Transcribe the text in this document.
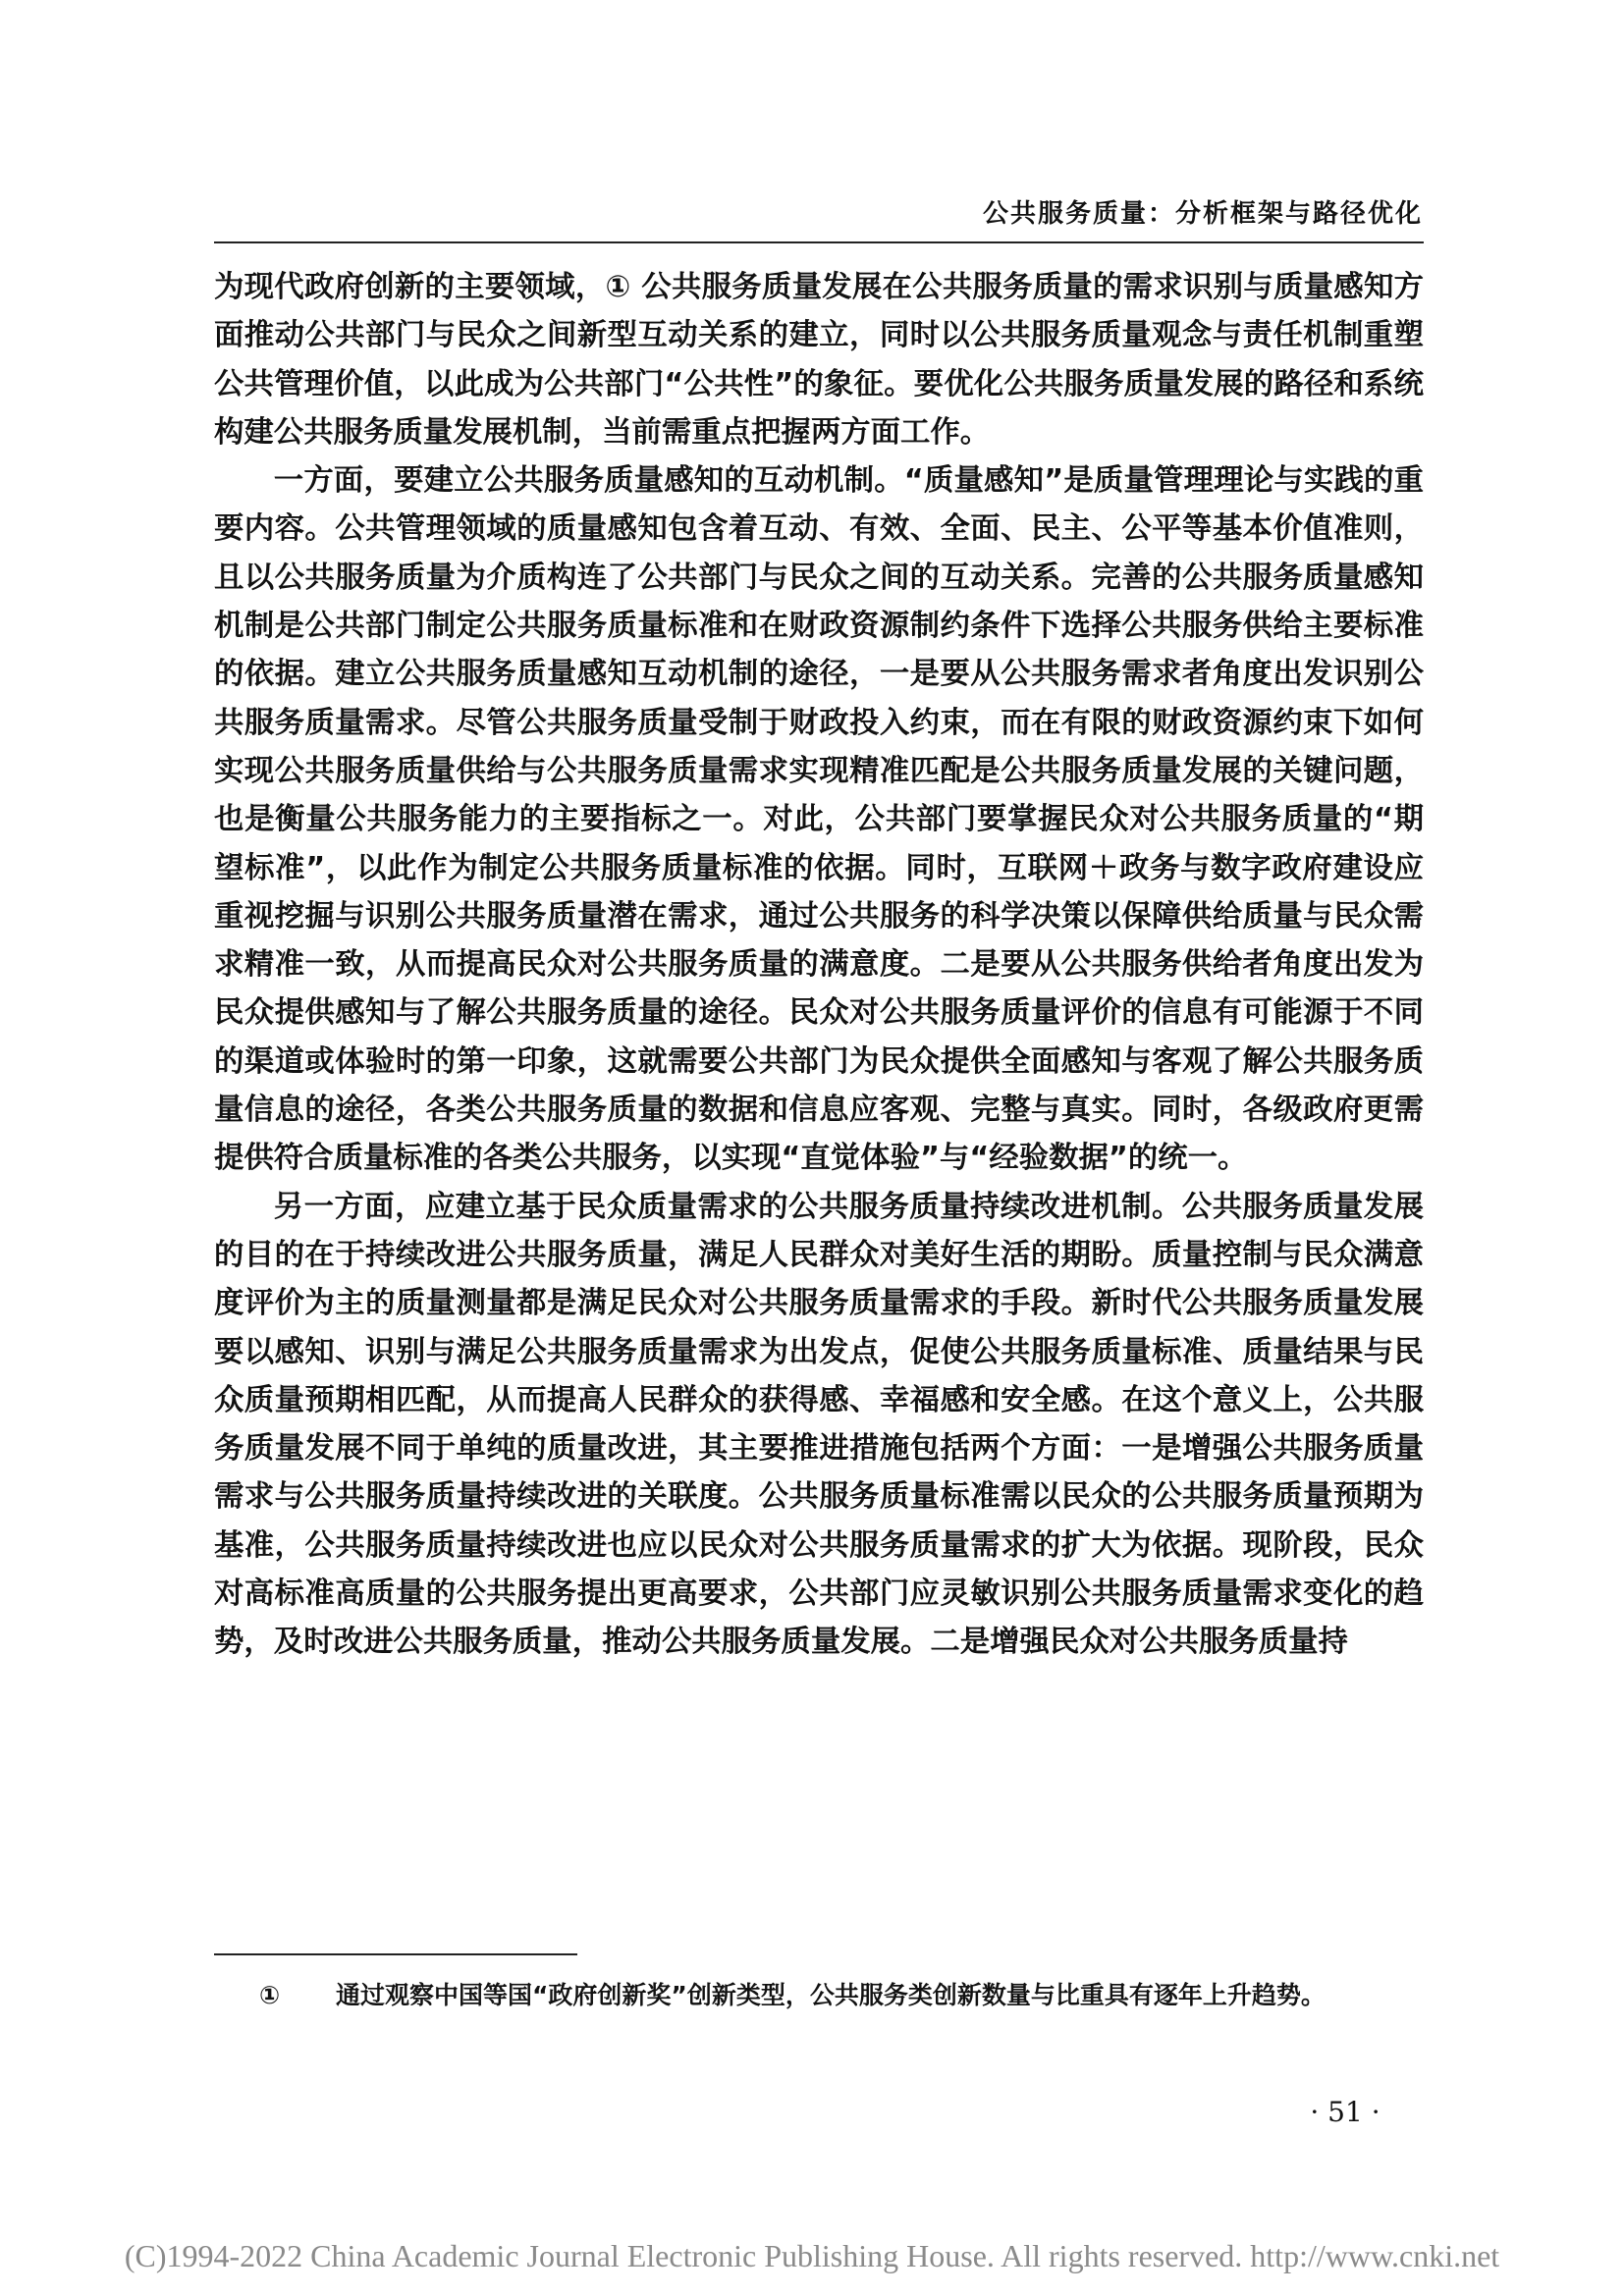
公共服务质量：分析框架与路径优化

为现代政府创新的主要领域，① 公共服务质量发展在公共服务质量的需求识别与质量感知方面推动公共部门与民众之间新型互动关系的建立，同时以公共服务质量观念与责任机制重塑公共管理价值，以此成为公共部门“公共性”的象征。要优化公共服务质量发展的路径和系统构建公共服务质量发展机制，当前需重点把握两方面工作。

一方面，要建立公共服务质量感知的互动机制。“质量感知”是质量管理理论与实践的重要内容。公共管理领域的质量感知包含着互动、有效、全面、民主、公平等基本价值准则，且以公共服务质量为介质构连了公共部门与民众之间的互动关系。完善的公共服务质量感知机制是公共部门制定公共服务质量标准和在财政资源制约条件下选择公共服务供给主要标准的依据。建立公共服务质量感知互动机制的途径，一是要从公共服务需求者角度出发识别公共服务质量需求。尽管公共服务质量受制于财政投入约束，而在有限的财政资源约束下如何实现公共服务质量供给与公共服务质量需求实现精准匹配是公共服务质量发展的关键问题，也是衡量公共服务能力的主要指标之一。对此，公共部门要掌握民众对公共服务质量的“期望标准”，以此作为制定公共服务质量标准的依据。同时，互联网＋政务与数字政府建设应重视挖掘与识别公共服务质量潜在需求，通过公共服务的科学决策以保障供给质量与民众需求精准一致，从而提高民众对公共服务质量的满意度。二是要从公共服务供给者角度出发为民众提供感知与了解公共服务质量的途径。民众对公共服务质量评价的信息有可能源于不同的渠道或体验时的第一印象，这就需要公共部门为民众提供全面感知与客观了解公共服务质量信息的途径，各类公共服务质量的数据和信息应客观、完整与真实。同时，各级政府更需提供符合质量标准的各类公共服务，以实现“直觉体验”与“经验数据”的统一。

另一方面，应建立基于民众质量需求的公共服务质量持续改进机制。公共服务质量发展的目的在于持续改进公共服务质量，满足人民群众对美好生活的期盼。质量控制与民众满意度评价为主的质量测量都是满足民众对公共服务质量需求的手段。新时代公共服务质量发展要以感知、识别与满足公共服务质量需求为出发点，促使公共服务质量标准、质量结果与民众质量预期相匹配，从而提高人民群众的获得感、幸福感和安全感。在这个意义上，公共服务质量发展不同于单纯的质量改进，其主要推进措施包括两个方面：一是增强公共服务质量需求与公共服务质量持续改进的关联度。公共服务质量标准需以民众的公共服务质量预期为基准，公共服务质量持续改进也应以民众对公共服务质量需求的扩大为依据。现阶段，民众对高标准高质量的公共服务提出更高要求，公共部门应灵敏识别公共服务质量需求变化的趋势，及时改进公共服务质量，推动公共服务质量发展。二是增强民众对公共服务质量持

① 通过观察中国等国“政府创新奖”创新类型，公共服务类创新数量与比重具有逐年上升趋势。
· 51 ·
(C)1994-2022 China Academic Journal Electronic Publishing House. All rights reserved. http://www.cnki.net
